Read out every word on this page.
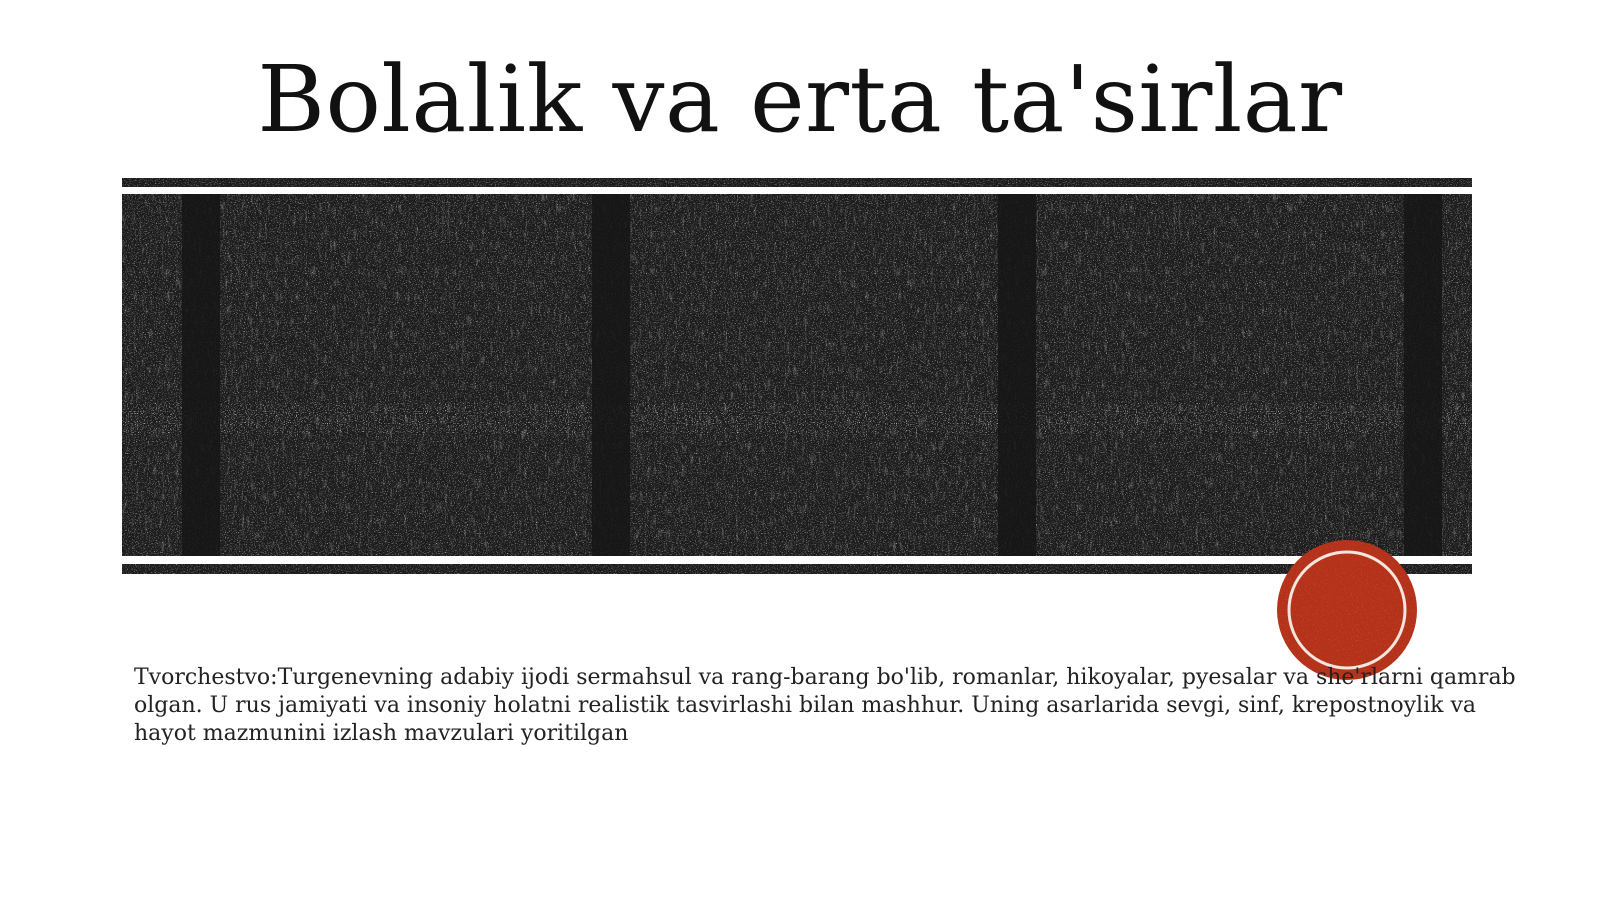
Bolalik va erta ta'sirlar

Tvorchestvo:Turgenevning adabiy ijodi sermahsul va rang-barang bo'lib, romanlar, hikoyalar, pyesalar va she'rlarni qamrab olgan. U rus jamiyati va insoniy holatni realistik tasvirlashi bilan mashhur. Uning asarlarida sevgi, sinf, krepostnoylik va hayot mazmunini izlash mavzulari yoritilgan
